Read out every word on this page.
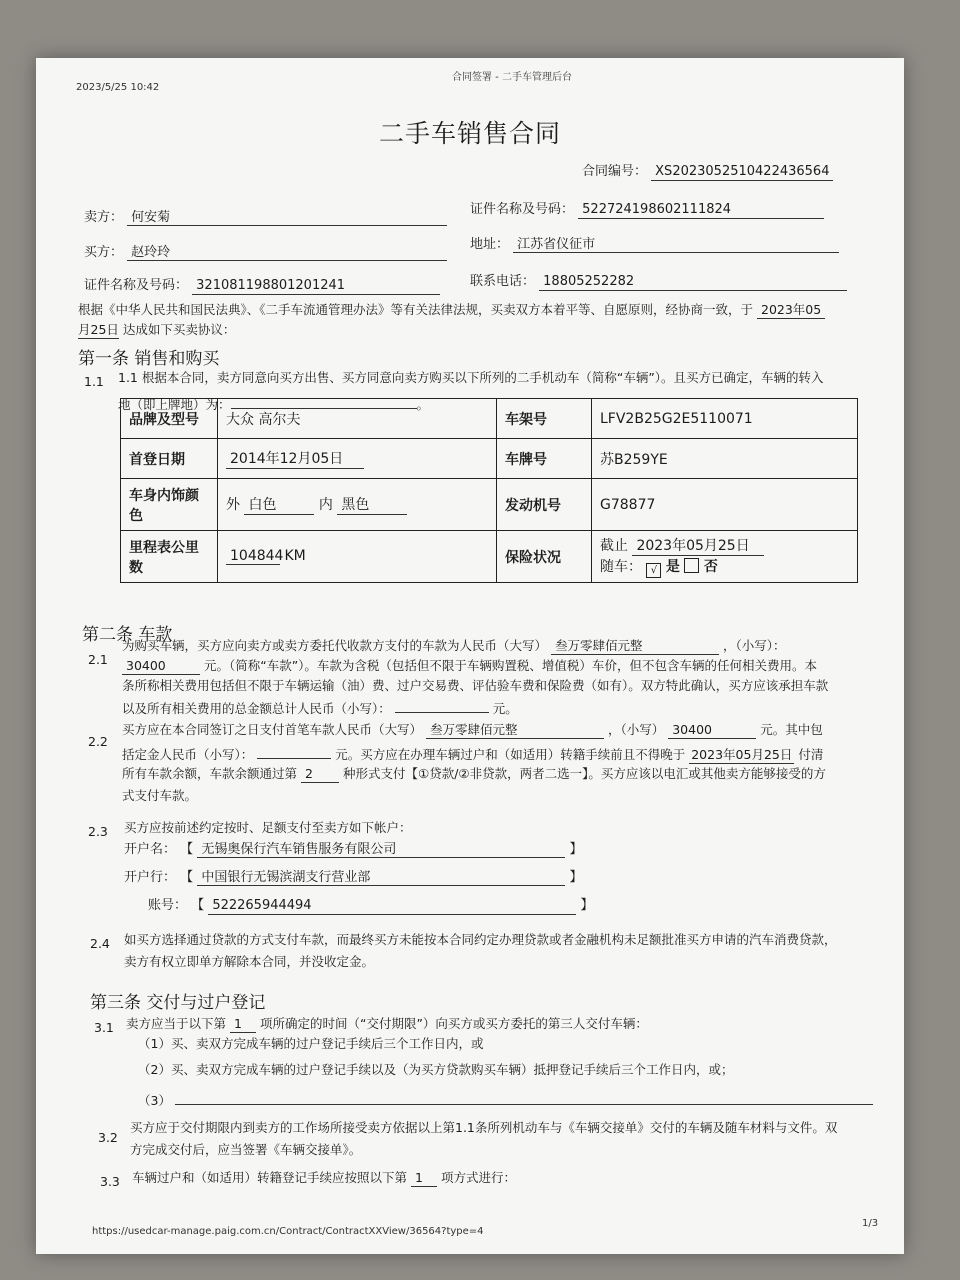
2023/5/25 10:42
合同签署 - 二手车管理后台
二手车销售合同
合同编号： XS2023052510422436564
卖方： 何安菊
证件名称及号码： 522724198602111824
买方： 赵玲玲
地址： 江苏省仪征市
证件名称及号码： 321081198801201241	联系电话： 18805252282
根据《中华人民共和国民法典》、《二手车流通管理办法》等有关法律法规，买卖双方本着平等、自愿原则，经协商一致，于 2023年05
月25日 达成如下买卖协议：
第一条 销售和购买
1.1 1.1 根据本合同，卖方同意向买方出售、买方同意向卖方购买以下所列的二手机动车（简称“车辆”）。且买方已确定，车辆的转入
地（即上牌地）为：	。
品牌及型号	大众 高尔夫	车架号	LFV2B25G2E5110071
首登日期	2014年12月05日	车牌号	苏B259YE
车身内饰颜色	外 白色 内 黑色	发动机号	G78877
里程表公里数	104844 KM	保险状况	截止 2023年05月25日
随车： √ 是 否
第二条 车款
2.1
为购买车辆，买方应向卖方或卖方委托代收款方支付的车款为人民币（大写） 叁万零肆佰元整	，（小写）：
30400	元。（简称“车款”）。车款为含税（包括但不限于车辆购置税、增值税）车价，但不包含车辆的任何相关费用。本
条所称相关费用包括但不限于车辆运输（油）费、过户交易费、评估验车费和保险费（如有）。双方特此确认，买方应该承担车款
以及所有相关费用的总金额总计人民币（小写）：	元。
2.2
买方应在本合同签订之日支付首笔车款人民币（大写） 叁万零肆佰元整	，（小写） 30400	元。其中包
括定金人民币（小写）：	元。买方应在办理车辆过户和（如适用）转籍手续前且不得晚于 2023年05月25日 付清
所有车款余额，车款余额通过第 2 种形式支付【①贷款/②非贷款，两者二选一】。买方应该以电汇或其他卖方能够接受的方
式支付车款。
2.3 买方应按前述约定按时、足额支付至卖方如下帐户：
开户名： 【 无锡奥保行汽车销售服务有限公司	】
开户行： 【 中国银行无锡滨湖支行营业部	】
账号： 【 522265944494	】
2.4 如买方选择通过贷款的方式支付车款，而最终买方未能按本合同约定办理贷款或者金融机构未足额批准买方申请的汽车消费贷款，
卖方有权立即单方解除本合同，并没收定金。
第三条 交付与过户登记
3.1 卖方应当于以下第 1 项所确定的时间（“交付期限”）向买方或买方委托的第三人交付车辆：
（1）买、卖双方完成车辆的过户登记手续后三个工作日内，或
（2）买、卖双方完成车辆的过户登记手续以及（为买方贷款购买车辆）抵押登记手续后三个工作日内，或；
（3）
3.2
买方应于交付期限内到卖方的工作场所接受卖方依据以上第1.1条所列机动车与《车辆交接单》交付的车辆及随车材料与文件。双
方完成交付后，应当签署《车辆交接单》。
3.3 车辆过户和（如适用）转籍登记手续应按照以下第 1 项方式进行：
https://usedcar-manage.paig.com.cn/Contract/ContractXXView/36564?type=4
1/3
